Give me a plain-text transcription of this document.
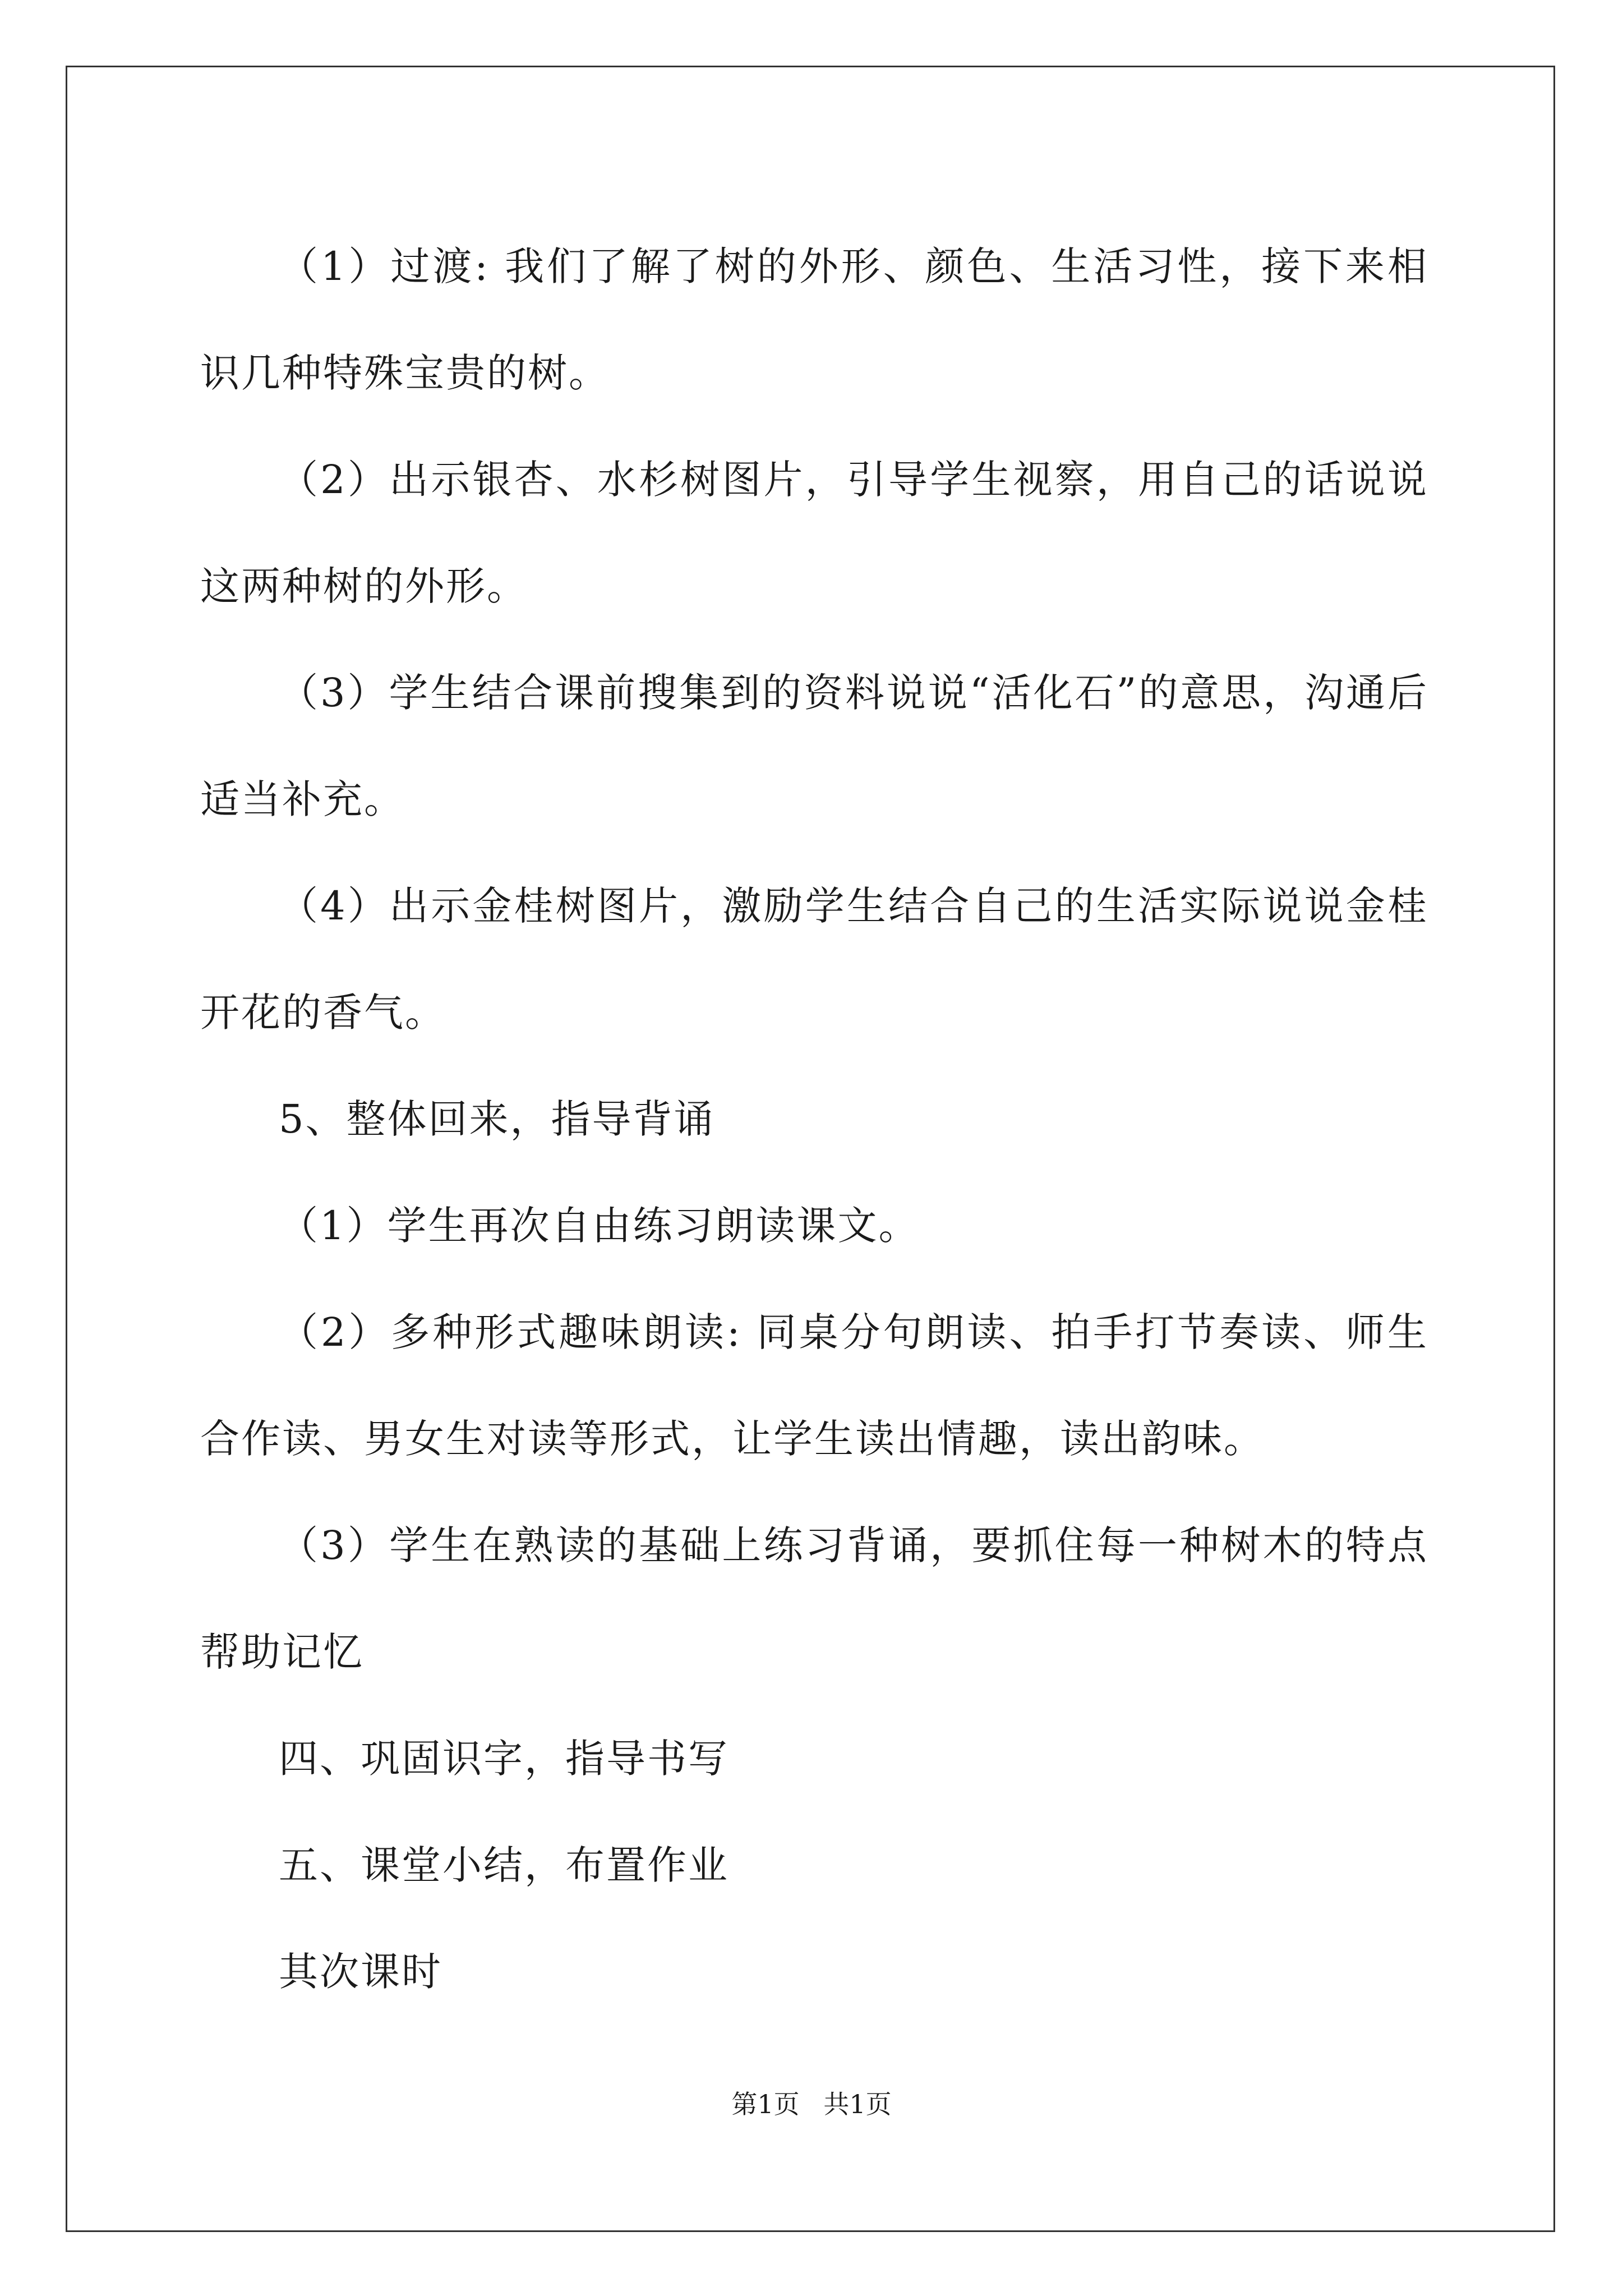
（1）过渡: 我们了解了树的外形、颜色、生活习性，接下来相识几种特殊宝贵的树。

（2）出示银杏、水杉树图片，引导学生视察，用自己的话说说这两种树的外形。

（3）学生结合课前搜集到的资料说说“活化石”的意思，沟通后适当补充。

（4）出示金桂树图片，激励学生结合自己的生活实际说说金桂开花的香气。

5、整体回来，指导背诵

（1）学生再次自由练习朗读课文。

（2）多种形式趣味朗读: 同桌分句朗读、拍手打节奏读、师生合作读、男女生对读等形式，让学生读出情趣，读出韵味。

（3）学生在熟读的基础上练习背诵，要抓住每一种树木的特点帮助记忆

四、巩固识字，指导书写

五、课堂小结，布置作业

其次课时

第1页 共1页
